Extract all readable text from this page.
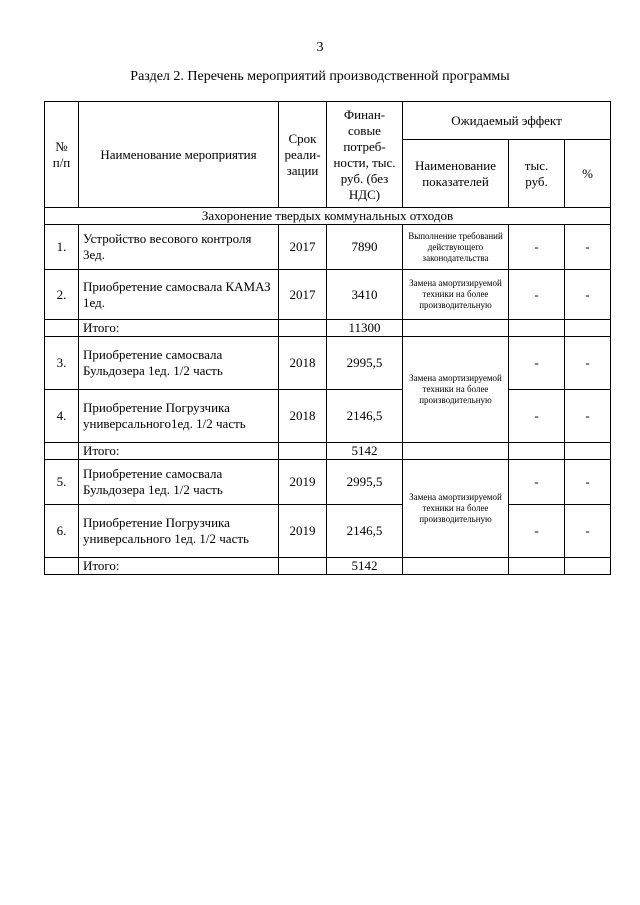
3
Раздел 2. Перечень мероприятий производственной программы
№ п/п	Наименование мероприятия	Срок реали-зации	Финан-совые потреб-ности, тыс. руб. (без НДС)	Ожидаемый эффект		
				Наименование показателей	тыс. руб.	%
Захоронение твердых коммунальных отходов						
1.	Устройство весового контроля 3ед.	2017	7890	Выполнение требований действующего законодательства	-	-
2.	Приобретение самосвала КАМАЗ 1ед.	2017	3410	Замена амортизируемой техники на более производительную	-	-
	Итого:		11300			
3.	Приобретение самосвала Бульдозера 1ед. 1/2 часть	2018	2995,5	Замена амортизируемой техники на более производительную	-	-
4.	Приобретение Погрузчика универсального1ед. 1/2 часть	2018	2146,5		-	-
	Итого:		5142			
5.	Приобретение самосвала Бульдозера 1ед. 1/2 часть	2019	2995,5	Замена амортизируемой техники на более производительную	-	-
6.	Приобретение Погрузчика универсального 1ед. 1/2 часть	2019	2146,5		-	-
	Итого:		5142			
